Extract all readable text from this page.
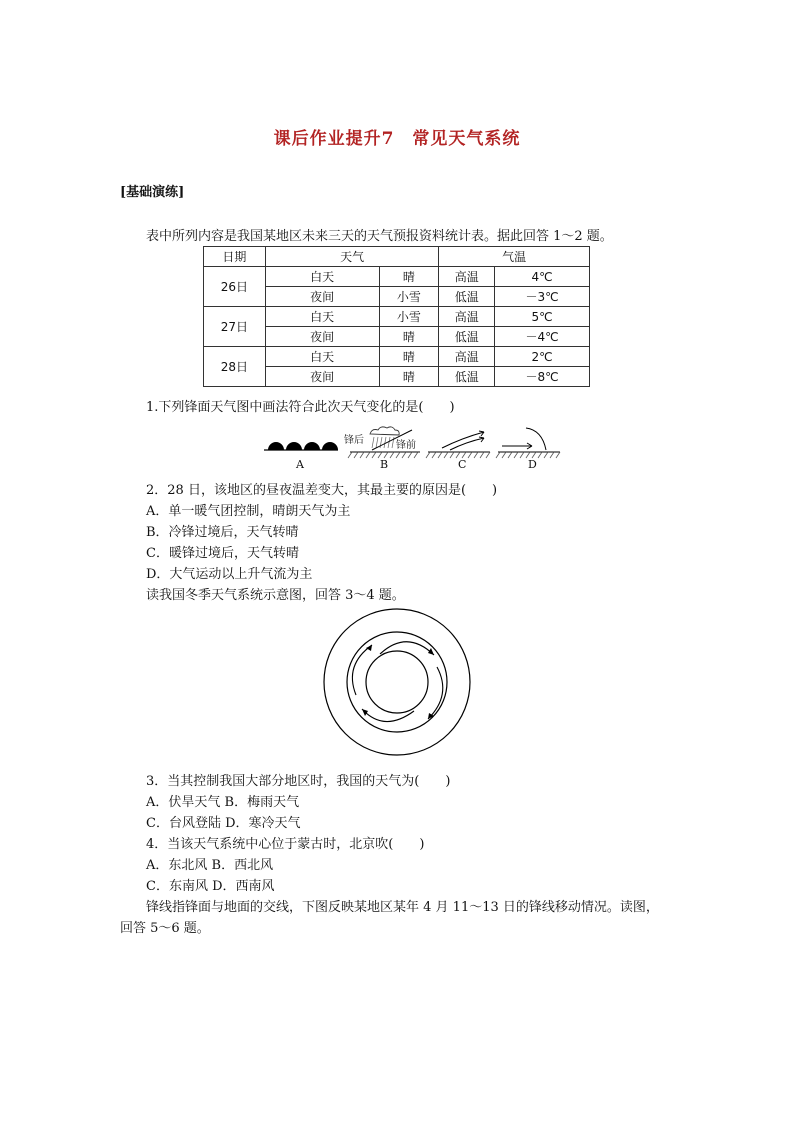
课后作业提升7　常见天气系统
[基础演练]
表中所列内容是我国某地区未来三天的天气预报资料统计表。据此回答 1～2 题。
日期	天气		气温	
26日	白天	晴	高温	4℃
	夜间	小雪	低温	－3℃
27日	白天	小雪	高温	5℃
	夜间	晴	低温	－4℃
28日	白天	晴	高温	2℃
	夜间	晴	低温	－8℃
1.下列锋面天气图中画法符合此次天气变化的是(　　)
A	B	C	D
锋后	锋前
2．28 日，该地区的昼夜温差变大，其最主要的原因是(　　)
A．单一暖气团控制，晴朗天气为主
B．冷锋过境后，天气转晴
C．暖锋过境后，天气转晴
D．大气运动以上升气流为主
读我国冬季天气系统示意图，回答 3～4 题。
3．当其控制我国大部分地区时，我国的天气为(　　)
A．伏旱天气 B．梅雨天气
C．台风登陆 D．寒冷天气
4．当该天气系统中心位于蒙古时，北京吹(　　)
A．东北风 B．西北风
C．东南风 D．西南风
锋线指锋面与地面的交线，下图反映某地区某年 4 月 11～13 日的锋线移动情况。读图，
回答 5～6 题。
